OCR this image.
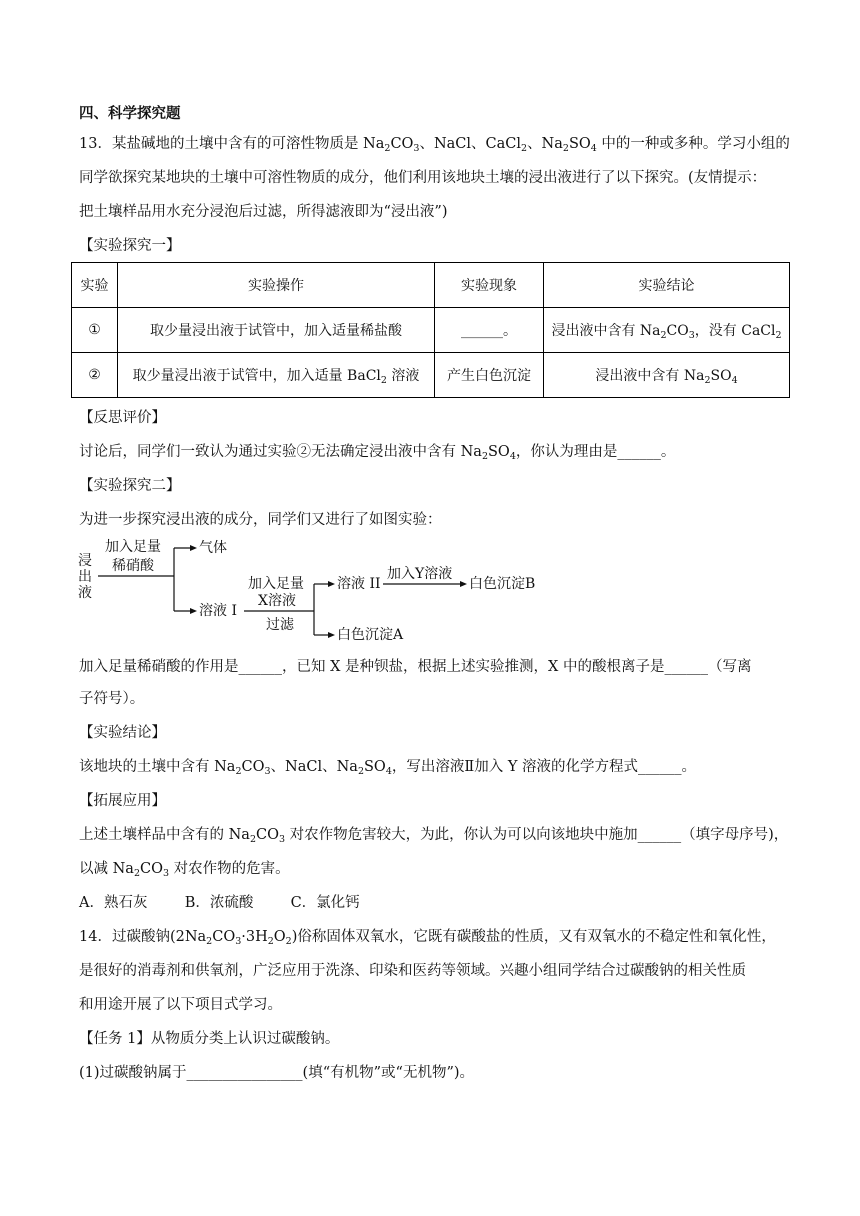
四、科学探究题
13．某盐碱地的土壤中含有的可溶性物质是 $Na_2CO_3$、NaCl、CaCl$_2$、$Na_2SO_4$ 中的一种或多种。学习小组的
同学欲探究某地块的土壤中可溶性物质的成分，他们利用该地块土壤的浸出液进行了以下探究。(友情提示：
把土壤样品用水充分浸泡后过滤，所得滤液即为“浸出液”)
【实验探究一】
实验	实验操作	实验现象	实验结论
①	取少量浸出液于试管中，加入适量稀盐酸	______。	浸出液中含有 $Na_2CO_3$，没有 CaCl$_2$
②	取少量浸出液于试管中，加入适量 BaCl$_2$ 溶液	产生白色沉淀	浸出液中含有 $Na_2SO_4$
【反思评价】
讨论后，同学们一致认为通过实验②无法确定浸出液中含有 $Na_2SO_4$，你认为理由是______。
【实验探究二】
为进一步探究浸出液的成分，同学们又进行了如图实验：
浸
出
液
加入足量
稀硝酸
气体
溶液 I
加入足量
X溶液
过滤
溶液 II
加入Y溶液
白色沉淀B
白色沉淀A
加入足量稀硝酸的作用是______，已知 X 是种钡盐，根据上述实验推测，X 中的酸根离子是______（写离
子符号）。
【实验结论】
该地块的土壤中含有 $Na_2CO_3$、NaCl、$Na_2SO_4$，写出溶液Ⅱ加入 Y 溶液的化学方程式______。
【拓展应用】
上述土壤样品中含有的 $Na_2CO_3$ 对农作物危害较大，为此，你认为可以向该地块中施加______（填字母序号)，
以减 $Na_2CO_3$ 对农作物的危害。
A．熟石灰	B．浓硫酸	C．氯化钙
14．过碳酸钠$(2Na_2CO_3\cdot 3H_2O_2)$俗称固体双氧水，它既有碳酸盐的性质，又有双氧水的不稳定性和氧化性，
是很好的消毒剂和供氧剂，广泛应用于洗涤、印染和医药等领域。兴趣小组同学结合过碳酸钠的相关性质
和用途开展了以下项目式学习。
【任务 1】从物质分类上认识过碳酸钠。
(1)过碳酸钠属于________________(填“有机物”或“无机物”)。
